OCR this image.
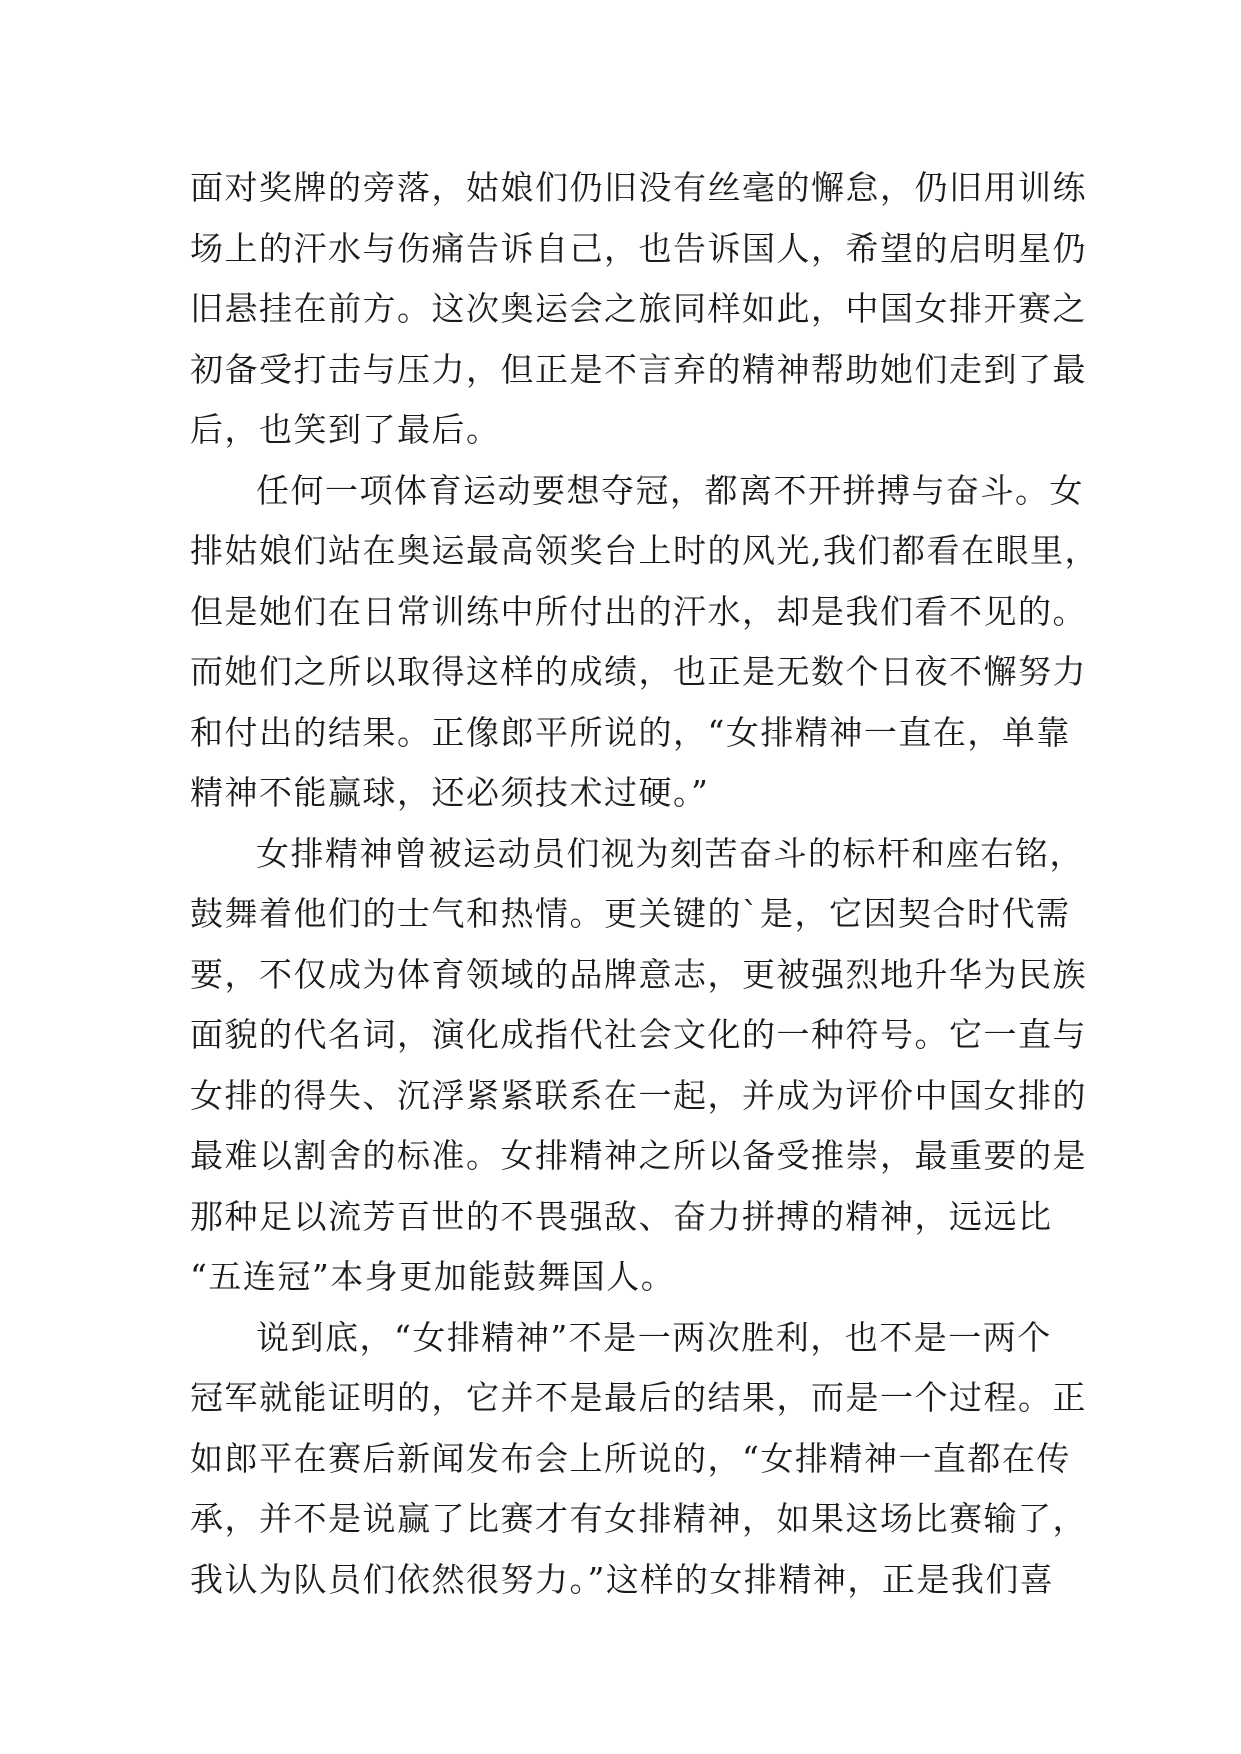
面对奖牌的旁落，姑娘们仍旧没有丝毫的懈怠，仍旧用训练
场上的汗水与伤痛告诉自己，也告诉国人，希望的启明星仍
旧悬挂在前方。这次奥运会之旅同样如此，中国女排开赛之
初备受打击与压力，但正是不言弃的精神帮助她们走到了最
后，也笑到了最后。
任何一项体育运动要想夺冠，都离不开拼搏与奋斗。女
排姑娘们站在奥运最高领奖台上时的风光,我们都看在眼里，
但是她们在日常训练中所付出的汗水，却是我们看不见的。
而她们之所以取得这样的成绩，也正是无数个日夜不懈努力
和付出的结果。正像郎平所说的，“女排精神一直在，单靠
精神不能赢球，还必须技术过硬。”
女排精神曾被运动员们视为刻苦奋斗的标杆和座右铭，
鼓舞着他们的士气和热情。更关键的`是，它因契合时代需
要，不仅成为体育领域的品牌意志，更被强烈地升华为民族
面貌的代名词，演化成指代社会文化的一种符号。它一直与
女排的得失、沉浮紧紧联系在一起，并成为评价中国女排的
最难以割舍的标准。女排精神之所以备受推崇，最重要的是
那种足以流芳百世的不畏强敌、奋力拼搏的精神，远远比
“五连冠”本身更加能鼓舞国人。
说到底，“女排精神”不是一两次胜利，也不是一两个
冠军就能证明的，它并不是最后的结果，而是一个过程。正
如郎平在赛后新闻发布会上所说的，“女排精神一直都在传
承，并不是说赢了比赛才有女排精神，如果这场比赛输了，
我认为队员们依然很努力。”这样的女排精神，正是我们喜
